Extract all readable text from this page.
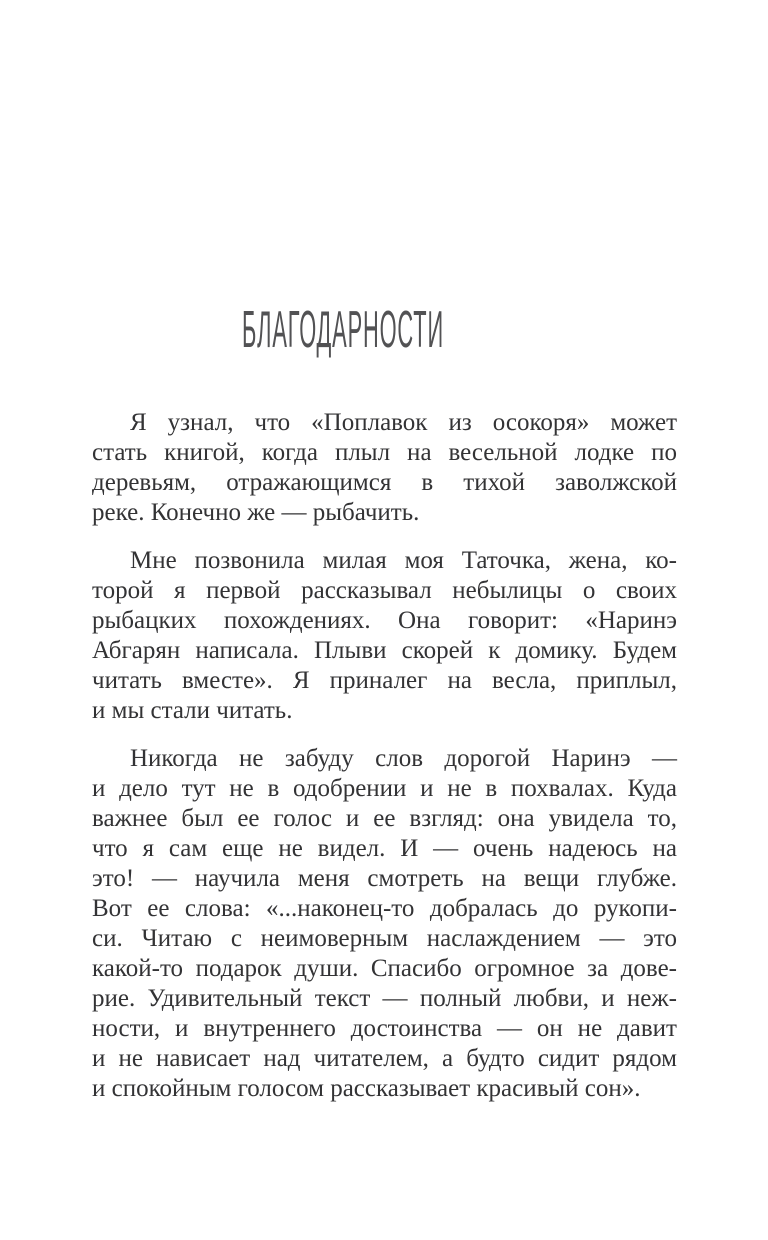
БЛАГОДАРНОСТИ
Я узнал, что «Поплавок из осокоря» может
стать книгой, когда плыл на весельной лодке по
деревьям, отражающимся в тихой заволжской
реке. Конечно же — рыбачить.
Мне позвонила милая моя Таточка, жена, ко-
торой я первой рассказывал небылицы о своих
рыбацких похождениях. Она говорит: «Наринэ
Абгарян написала. Плыви скорей к домику. Будем
читать вместе». Я приналег на весла, приплыл,
и мы стали читать.
Никогда не забуду слов дорогой Наринэ —
и дело тут не в одобрении и не в похвалах. Куда
важнее был ее голос и ее взгляд: она увидела то,
что я сам еще не видел. И — очень надеюсь на
это! — научила меня смотреть на вещи глубже.
Вот ее слова: «...наконец-то добралась до рукопи-
си. Читаю с неимоверным наслаждением — это
какой-то подарок души. Спасибо огромное за дове-
рие. Удивительный текст — полный любви, и неж-
ности, и внутреннего достоинства — он не давит
и не нависает над читателем, а будто сидит рядом
и спокойным голосом рассказывает красивый сон».
